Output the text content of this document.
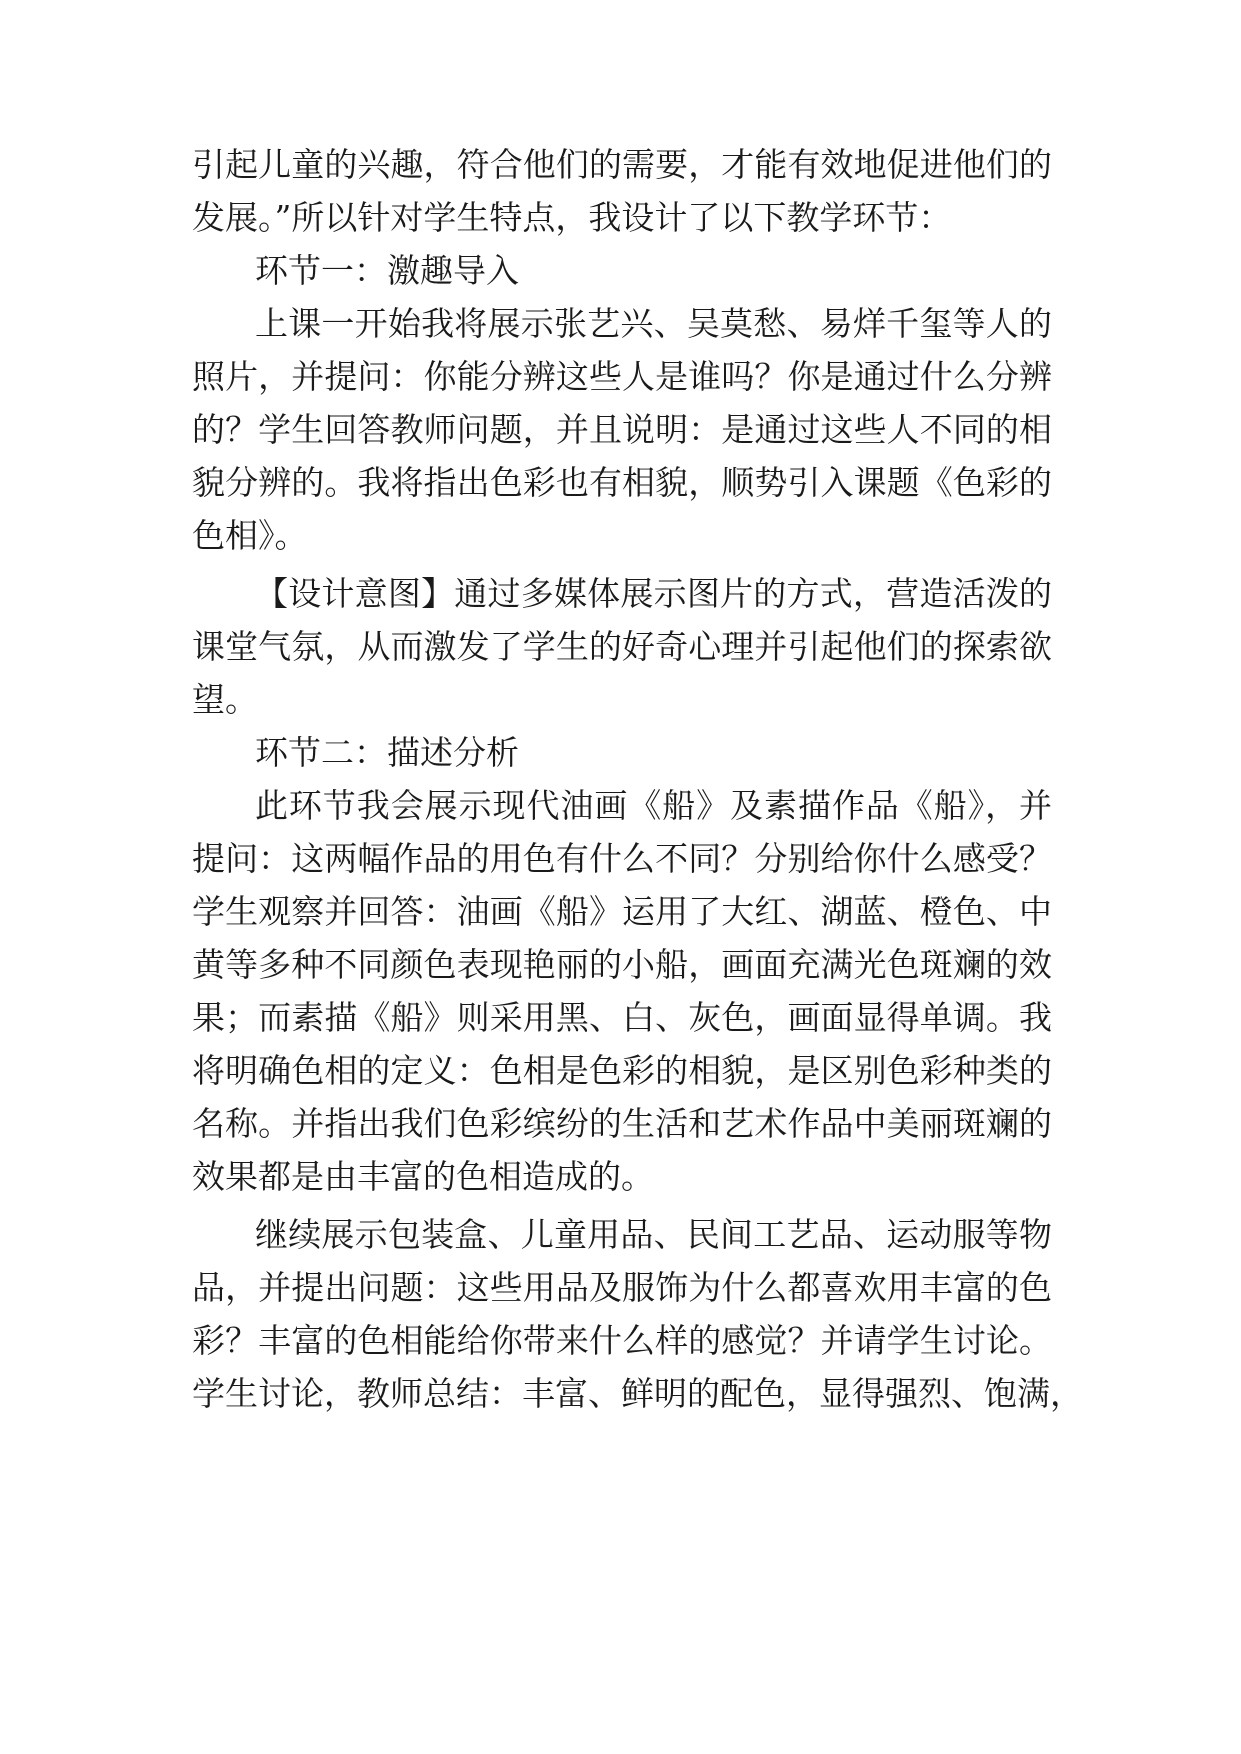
引起儿童的兴趣，符合他们的需要，才能有效地促进他们的
发展。”所以针对学生特点，我设计了以下教学环节：
环节一：激趣导入
上课一开始我将展示张艺兴、吴莫愁、易烊千玺等人的
照片，并提问：你能分辨这些人是谁吗？你是通过什么分辨
的？学生回答教师问题，并且说明：是通过这些人不同的相
貌分辨的。我将指出色彩也有相貌，顺势引入课题《色彩的
色相》。
【设计意图】通过多媒体展示图片的方式，营造活泼的
课堂气氛，从而激发了学生的好奇心理并引起他们的探索欲
望。
环节二：描述分析
此环节我会展示现代油画《船》及素描作品《船》，并
提问：这两幅作品的用色有什么不同？分别给你什么感受？
学生观察并回答：油画《船》运用了大红、湖蓝、橙色、中
黄等多种不同颜色表现艳丽的小船，画面充满光色斑斓的效
果；而素描《船》则采用黑、白、灰色，画面显得单调。我
将明确色相的定义：色相是色彩的相貌，是区别色彩种类的
名称。并指出我们色彩缤纷的生活和艺术作品中美丽斑斓的
效果都是由丰富的色相造成的。
继续展示包装盒、儿童用品、民间工艺品、运动服等物
品，并提出问题：这些用品及服饰为什么都喜欢用丰富的色
彩？丰富的色相能给你带来什么样的感觉？并请学生讨论。
学生讨论，教师总结：丰富、鲜明的配色，显得强烈、饱满，
